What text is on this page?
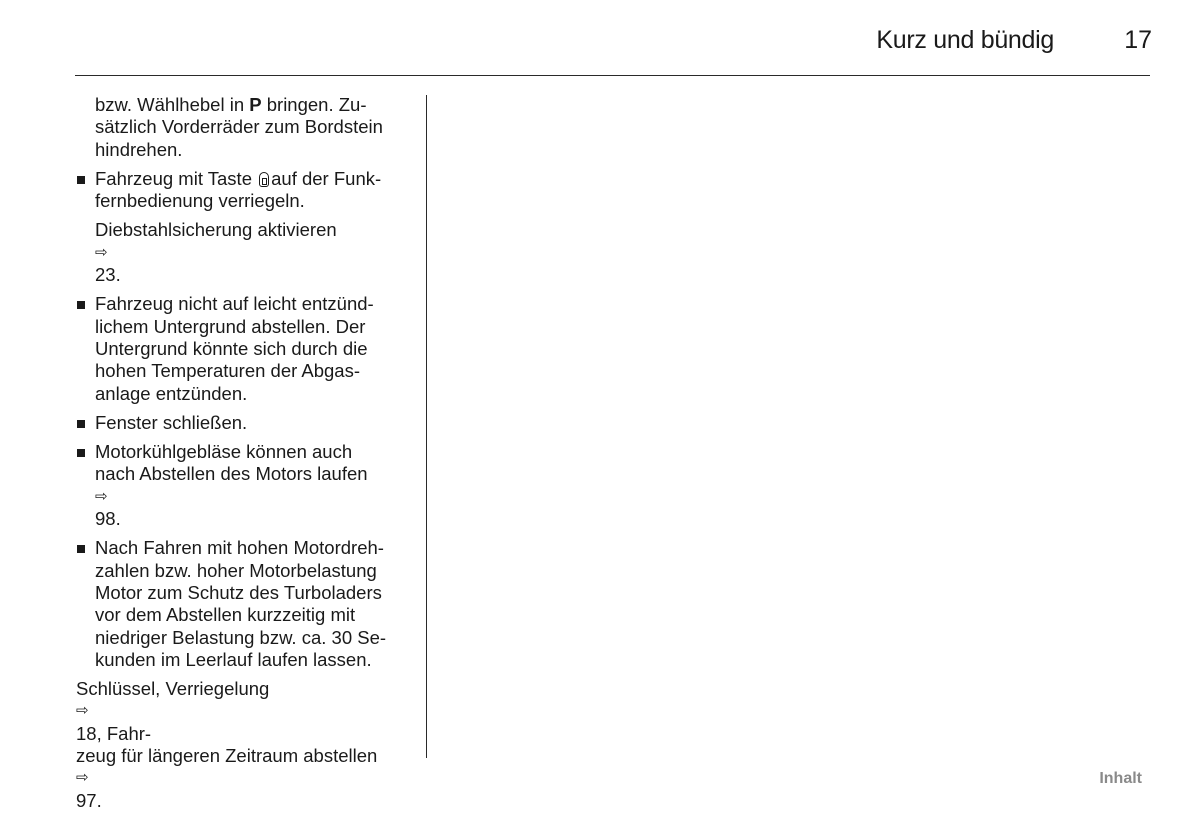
Kurz und bündig	17
bzw. Wählhebel in P bringen. Zu-
sätzlich Vorderräder zum Bordstein
hindrehen.
Fahrzeug mit Taste auf der Funk-
fernbedienung verriegeln.
Diebstahlsicherung aktivieren
⇨
23.
Fahrzeug nicht auf leicht entzünd-
lichem Untergrund abstellen. Der
Untergrund könnte sich durch die
hohen Temperaturen der Abgas-
anlage entzünden.
Fenster schließen.
Motorkühlgebläse können auch
nach Abstellen des Motors laufen
⇨
98.
Nach Fahren mit hohen Motordreh-
zahlen bzw. hoher Motorbelastung
Motor zum Schutz des Turboladers
vor dem Abstellen kurzzeitig mit
niedriger Belastung bzw. ca. 30 Se-
kunden im Leerlauf laufen lassen.
Schlüssel, Verriegelung
⇨
18, Fahr-
zeug für längeren Zeitraum abstellen
⇨
97.
Inhalt
